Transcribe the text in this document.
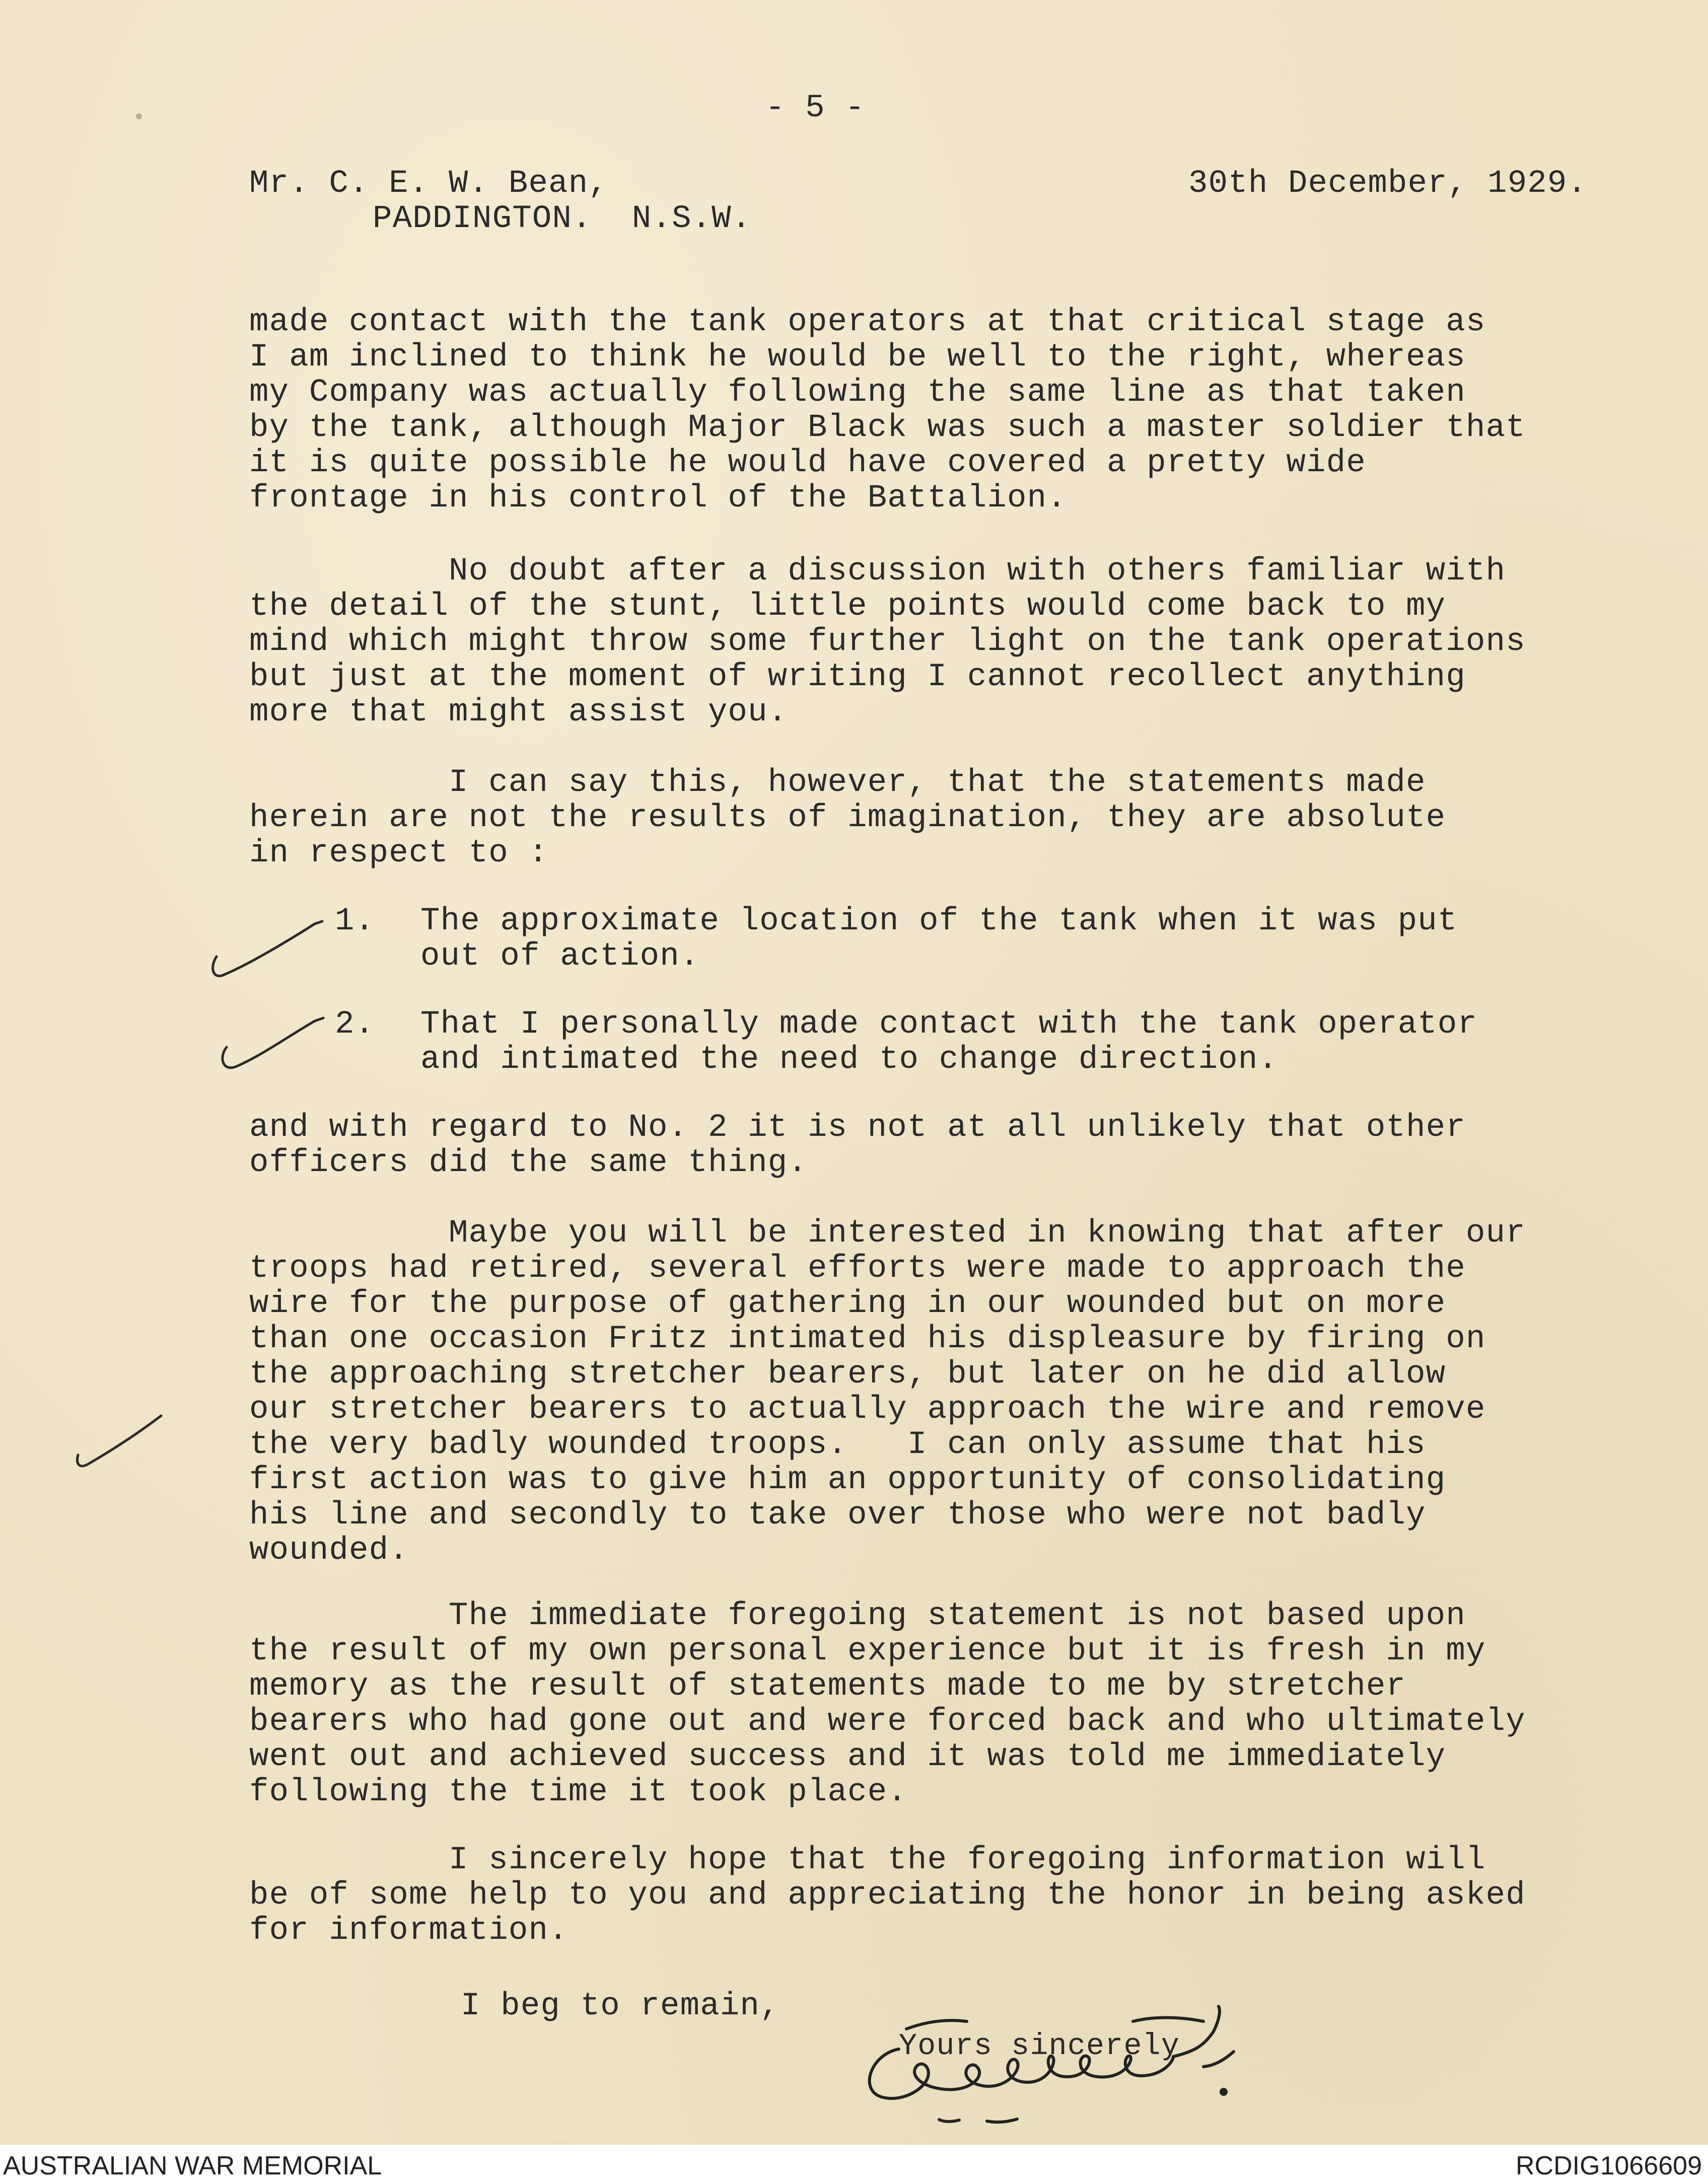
- 5 -
Mr. C. E. W. Bean,
PADDINGTON.  N.S.W.
30th December, 1929.
made contact with the tank operators at that critical stage as
I am inclined to think he would be well to the right, whereas
my Company was actually following the same line as that taken
by the tank, although Major Black was such a master soldier that
it is quite possible he would have covered a pretty wide
frontage in his control of the Battalion.
No doubt after a discussion with others familiar with
the detail of the stunt, little points would come back to my
mind which might throw some further light on the tank operations
but just at the moment of writing I cannot recollect anything
more that might assist you.
I can say this, however, that the statements made
herein are not the results of imagination, they are absolute
in respect to :
1. The approximate location of the tank when it was put
out of action.
2. That I personally made contact with the tank operator
and intimated the need to change direction.
and with regard to No. 2 it is not at all unlikely that other
officers did the same thing.
Maybe you will be interested in knowing that after our
troops had retired, several efforts were made to approach the
wire for the purpose of gathering in our wounded but on more
than one occasion Fritz intimated his displeasure by firing on
the approaching stretcher bearers, but later on he did allow
our stretcher bearers to actually approach the wire and remove
the very badly wounded troops.   I can only assume that his
first action was to give him an opportunity of consolidating
his line and secondly to take over those who were not badly
wounded.
The immediate foregoing statement is not based upon
the result of my own personal experience but it is fresh in my
memory as the result of statements made to me by stretcher
bearers who had gone out and were forced back and who ultimately
went out and achieved success and it was told me immediately
following the time it took place.
I sincerely hope that the foregoing information will
be of some help to you and appreciating the honor in being asked
for information.
I beg to remain,
Yours sincerely
AUSTRALIAN WAR MEMORIAL	RCDIG1066609
